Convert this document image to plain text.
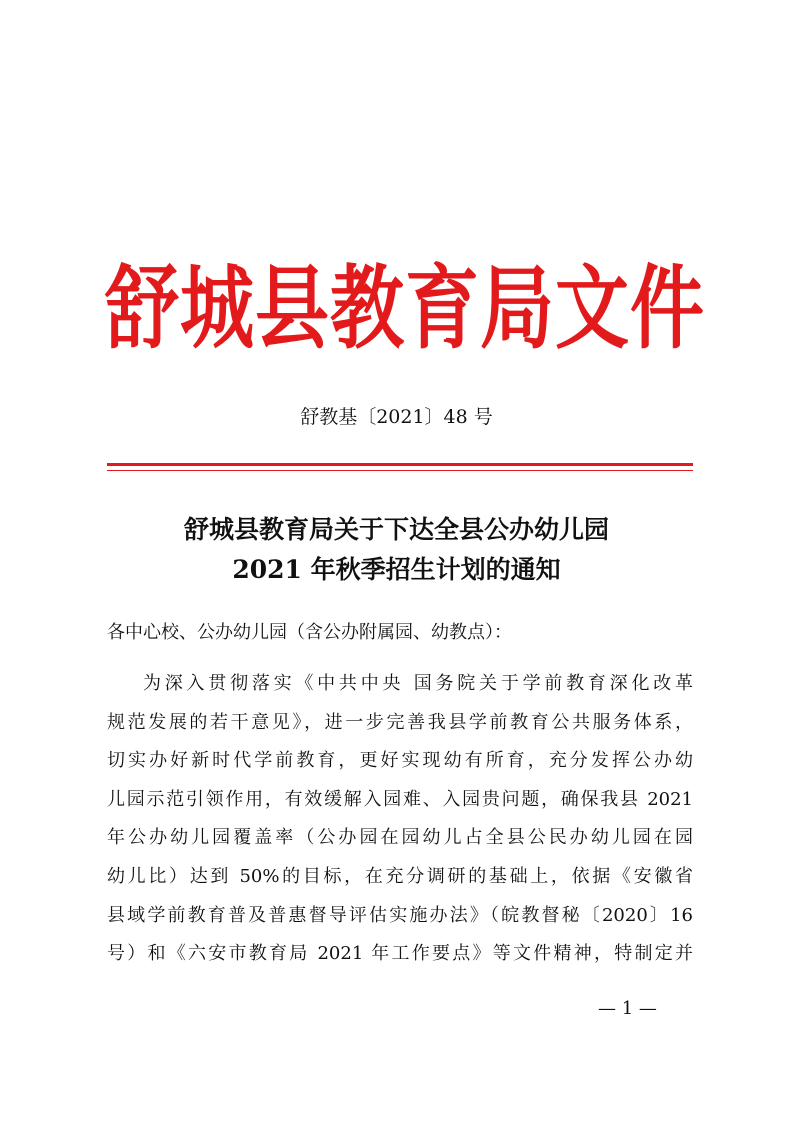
舒城县教育局文件
舒教基〔2021〕48 号
舒城县教育局关于下达全县公办幼儿园
2021 年秋季招生计划的通知
各中心校、公办幼儿园（含公办附属园、幼教点）：
为深入贯彻落实《中共中央 国务院关于学前教育深化改革
规范发展的若干意见》，进一步完善我县学前教育公共服务体系，
切实办好新时代学前教育，更好实现幼有所育，充分发挥公办幼
儿园示范引领作用，有效缓解入园难、入园贵问题，确保我县 2021
年公办幼儿园覆盖率（公办园在园幼儿占全县公民办幼儿园在园
幼儿比）达到 50%的目标，在充分调研的基础上，依据《安徽省
县域学前教育普及普惠督导评估实施办法》（皖教督秘〔2020〕16
号）和《六安市教育局 2021 年工作要点》等文件精神，特制定并
— 1 —
